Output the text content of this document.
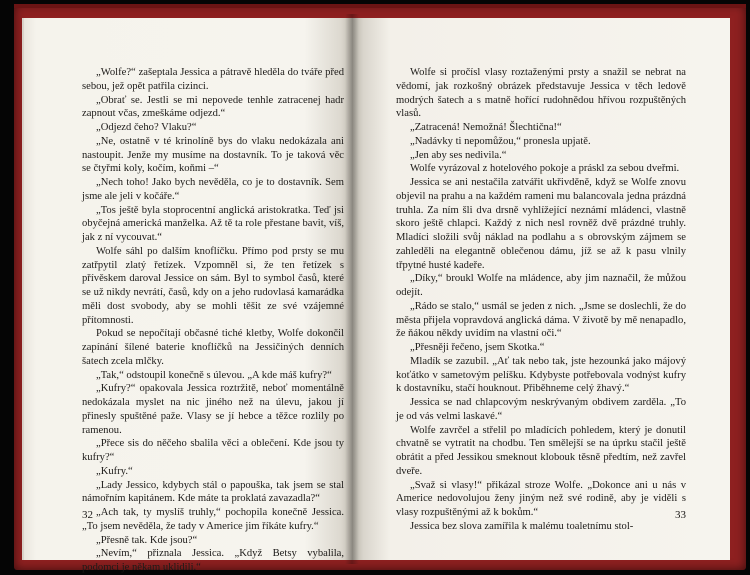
„Wolfe?“ zašeptala Jessica a pátravě hleděla do tváře před sebou, jež opět patřila cizinci.

„Obrať se. Jestli se mi nepovede tenhle zatracenej hadr zapnout včas, zmeškáme odjezd.“

„Odjezd čeho? Vlaku?“

„Ne, ostatně v té krinolíně bys do vlaku nedokázala ani nastoupit. Jenže my musíme na dostavník. To je taková věc se čtyřmi koly, kočím, koňmi –“

„Nech toho! Jako bych nevěděla, co je to dostavník. Sem jsme ale jeli v kočáře.“

„Tos ještě byla stoprocentní anglická aristokratka. Teď jsi obyčejná americká manželka. Až tě ta role přestane bavit, víš, jak z ní vycouvat.“

Wolfe sáhl po dalším knoflíčku. Přímo pod prsty se mu zatřpytil zlatý řetízek. Vzpomněl si, že ten řetízek s přívěskem daroval Jessice on sám. Byl to symbol časů, které se už nikdy nevrátí, časů, kdy on a jeho rudovlasá kamarádka měli dost svobody, aby se mohli těšit ze své vzájemné přítomnosti.

Pokud se nepočítají občasné tiché kletby, Wolfe dokončil zapínání šílené baterie knoflíčků na Jessičiných denních šatech zcela mlčky.

„Tak,“ odstoupil konečně s úlevou. „A kde máš kufry?“

„Kufry?“ opakovala Jessica roztržitě, neboť momentálně nedokázala myslet na nic jiného než na úlevu, jakou jí přinesly spuštěné paže. Vlasy se jí hebce a těžce rozlily po ramenou.

„Přece sis do něčeho sbalila věci a oblečení. Kde jsou ty kufry?“

„Kufry.“

„Lady Jessico, kdybych stál o papouška, tak jsem se stal námořním kapitánem. Kde máte ta proklatá zavazadla?“

„Ach tak, ty myslíš truhly,“ pochopila konečně Jessica. „To jsem nevěděla, že tady v Americe jim říkáte kufry.“

„Přesně tak. Kde jsou?“

„Nevím,“ přiznala Jessica. „Když Betsy vybalila, podomci je někam uklidili.“

32

Wolfe si pročísl vlasy roztaženými prsty a snažil se nebrat na vědomí, jak rozkošný obrázek představuje Jessica v těch ledově modrých šatech a s matně hořící rudohnědou hřívou rozpuštěných vlasů.

„Zatracená! Nemožná! Šlechtična!“

„Nadávky ti nepomůžou,“ pronesla upjatě.

„Jen aby ses nedivila.“

Wolfe vyrázoval z hotelového pokoje a práskl za sebou dveřmi.

Jessica se ani nestačila zatvářit ukřivděně, když se Wolfe znovu objevil na prahu a na každém rameni mu balancovala jedna prázdná truhla. Za ním šli dva drsně vyhlížející neznámí mládenci, vlastně skoro ještě chlapci. Každý z nich nesl rovněž dvě prázdné truhly. Mladíci složili svůj náklad na podlahu a s obrovským zájmem se zahleděli na elegantně oblečenou dámu, jíž se až k pasu vlnily třpytné husté kadeře.

„Díky,“ broukl Wolfe na mládence, aby jim naznačil, že můžou odejít.

„Rádo se stalo,“ usmál se jeden z nich. „Jsme se doslechli, že do města přijela vopravdová anglická dáma. V životě by mě nenapadlo, že ňákou někdy uvidím na vlastní oči.“

„Přesněji řečeno, jsem Skotka.“

Mladík se zazubil. „Ať tak nebo tak, jste hezounká jako májový koťátko v sametovým pelíšku. Kdybyste potřebovala vodnýst kufry k dostavníku, stačí houknout. Přiběhneme celý žhavý.“

Jessica se nad chlapcovým neskrývaným obdivem zarděla. „To je od vás velmi laskavé.“

Wolfe zavrčel a střelil po mladících pohledem, který je donutil chvatně se vytratit na chodbu. Ten smělejší se na úprku stačil ještě obrátit a před Jessikou smeknout klobouk těsně předtím, než zavřel dveře.

„Svaž si vlasy!“ přikázal stroze Wolfe. „Dokonce ani u nás v Americe nedovolujou ženy jiným než své rodině, aby je viděli s vlasy rozpuštěnými až k bokům.“

Jessica bez slova zamířila k malému toaletnímu stol-

33
